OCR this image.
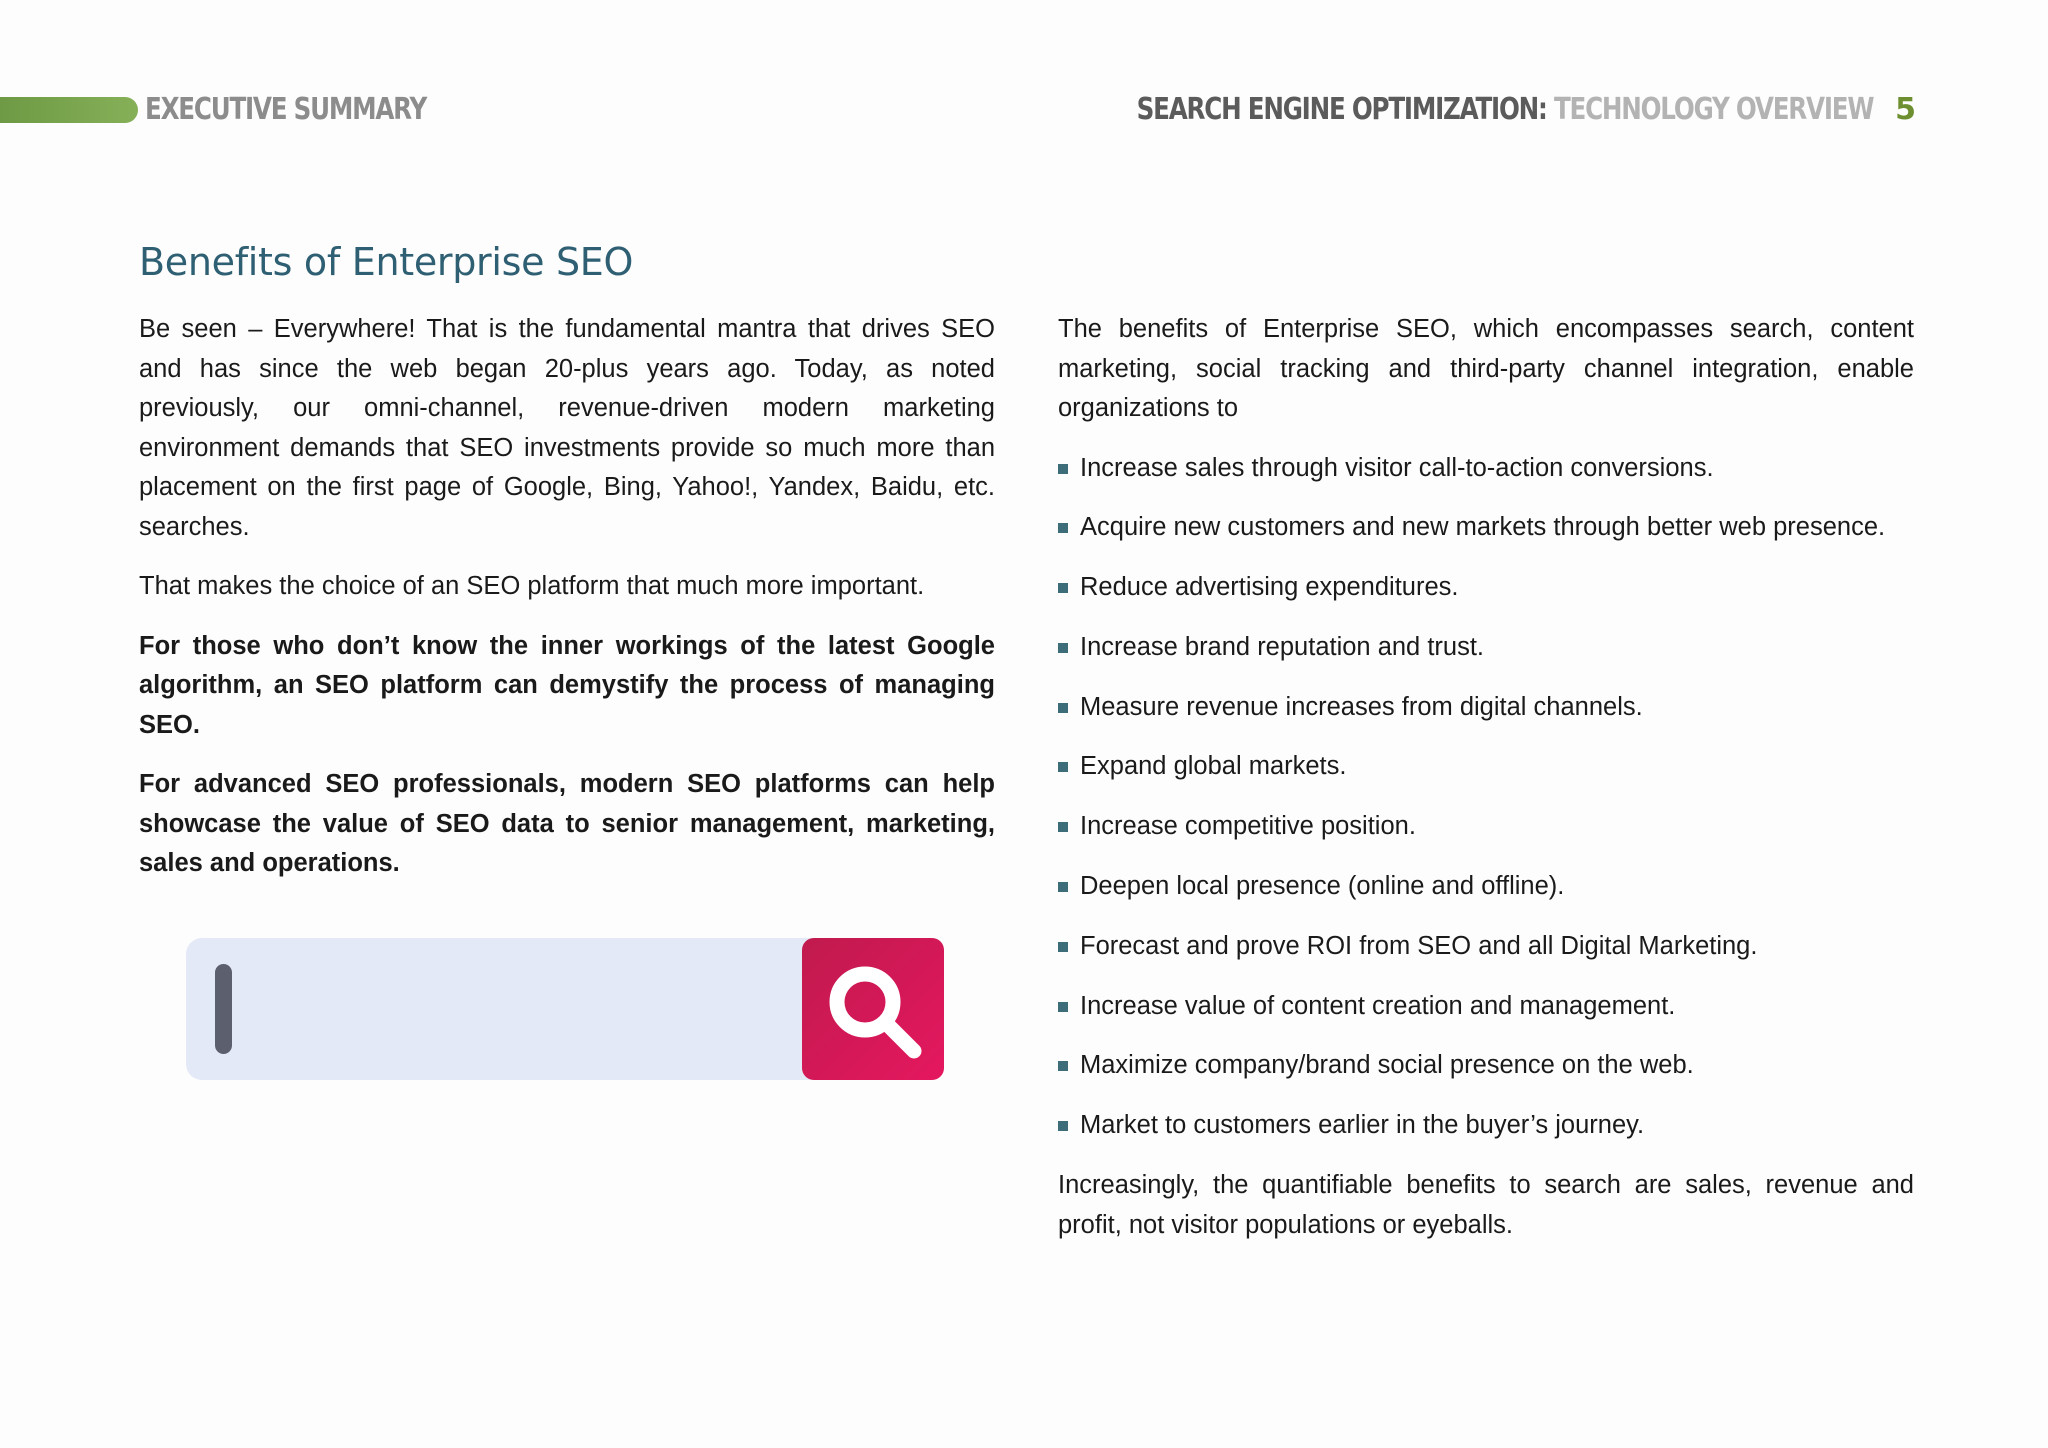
EXECUTIVE SUMMARY	SEARCH ENGINE OPTIMIZATION: TECHNOLOGY OVERVIEW 5
Benefits of Enterprise SEO

Be seen – Everywhere! That is the fundamental mantra that drives SEO and has since the web began 20-plus years ago. Today, as noted previously, our omni-channel, revenue-driven modern marketing environment demands that SEO investments provide so much more than placement on the first page of Google, Bing, Yahoo!, Yandex, Baidu, etc. searches.

That makes the choice of an SEO platform that much more important.

For those who don’t know the inner workings of the latest Google algorithm, an SEO platform can demystify the process of managing SEO.

For advanced SEO professionals, modern SEO platforms can help showcase the value of SEO data to senior management, marketing, sales and operations.

The benefits of Enterprise SEO, which encompasses search, content marketing, social tracking and third-party channel integration, enable organizations to

Increase sales through visitor call-to-action conversions.
Acquire new customers and new markets through better web presence.
Reduce advertising expenditures.
Increase brand reputation and trust.
Measure revenue increases from digital channels.
Expand global markets.
Increase competitive position.
Deepen local presence (online and offline).
Forecast and prove ROI from SEO and all Digital Marketing.
Increase value of content creation and management.
Maximize company/brand social presence on the web.
Market to customers earlier in the buyer’s journey.

Increasingly, the quantifiable benefits to search are sales, revenue and profit, not visitor populations or eyeballs.
